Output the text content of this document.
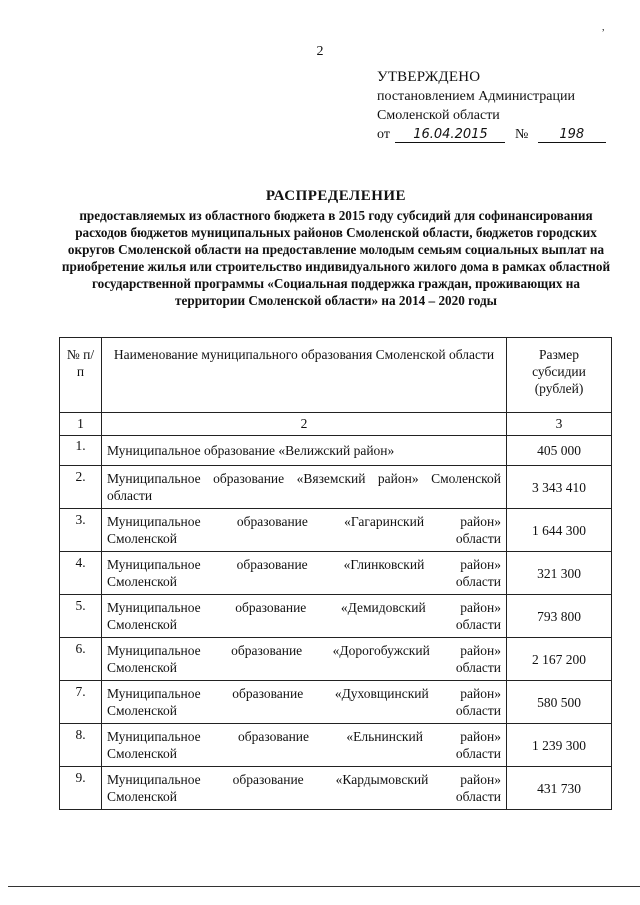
2
,
УТВЕРЖДЕНО
постановлением Администрации
Смоленской области
от 16.04.2015 № 198
РАСПРЕДЕЛЕНИЕ
предоставляемых из областного бюджета в 2015 году субсидий для софинансирования расходов бюджетов муниципальных районов Смоленской области, бюджетов городских округов Смоленской области на предоставление молодым семьям социальных выплат на приобретение жилья или строительство индивидуального жилого дома в рамках областной государственной программы «Социальная поддержка граждан, проживающих на территории Смоленской области» на 2014 – 2020 годы
№ п/п	Наименование муниципального образования Смоленской области	Размер субсидии (рублей)
1	2	3
1.	Муниципальное образование «Велижский район»	405 000
2.	Муниципальное образование «Вяземский район» Смоленской
области	3 343 410
3.	Муниципальное образование «Гагаринский район»
Смоленской области	1 644 300
4.	Муниципальное образование «Глинковский район»
Смоленской области	321 300
5.	Муниципальное образование «Демидовский район»
Смоленской области	793 800
6.	Муниципальное образование «Дорогобужский район»
Смоленской области	2 167 200
7.	Муниципальное образование «Духовщинский район»
Смоленской области	580 500
8.	Муниципальное образование «Ельнинский район»
Смоленской области	1 239 300
9.	Муниципальное образование «Кардымовский район»
Смоленской области	431 730
